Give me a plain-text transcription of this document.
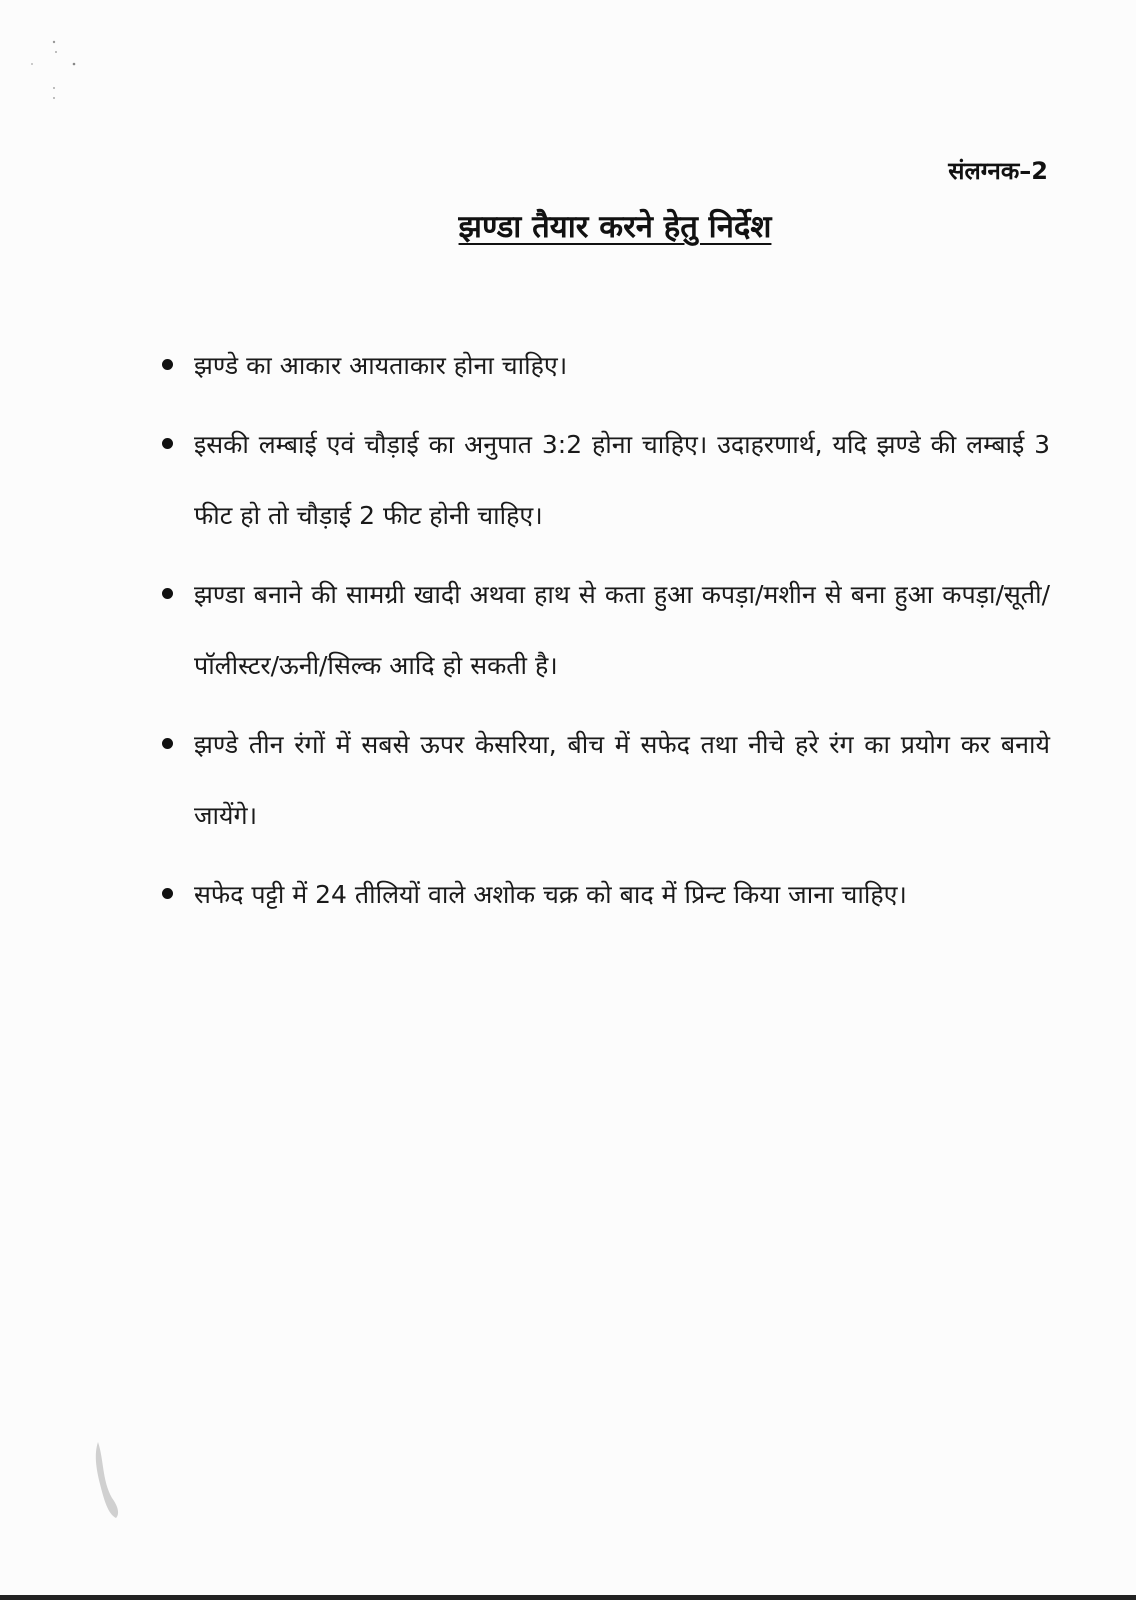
संलग्नक–2
झण्डा तैयार करने हेतु निर्देश
झण्डे का आकार आयताकार होना चाहिए।
इसकी लम्बाई एवं चौड़ाई का अनुपात 3:2 होना चाहिए। उदाहरणार्थ, यदि झण्डे की लम्बाई 3 फीट हो तो चौड़ाई 2 फीट होनी चाहिए।
झण्डा बनाने की सामग्री खादी अथवा हाथ से कता हुआ कपड़ा/मशीन से बना हुआ कपड़ा/सूती/पॉलीस्टर/ऊनी/सिल्क आदि हो सकती है।
झण्डे तीन रंगों में सबसे ऊपर केसरिया, बीच में सफेद तथा नीचे हरे रंग का प्रयोग कर बनाये जायेंगे।
सफेद पट्टी में 24 तीलियों वाले अशोक चक्र को बाद में प्रिन्ट किया जाना चाहिए।
